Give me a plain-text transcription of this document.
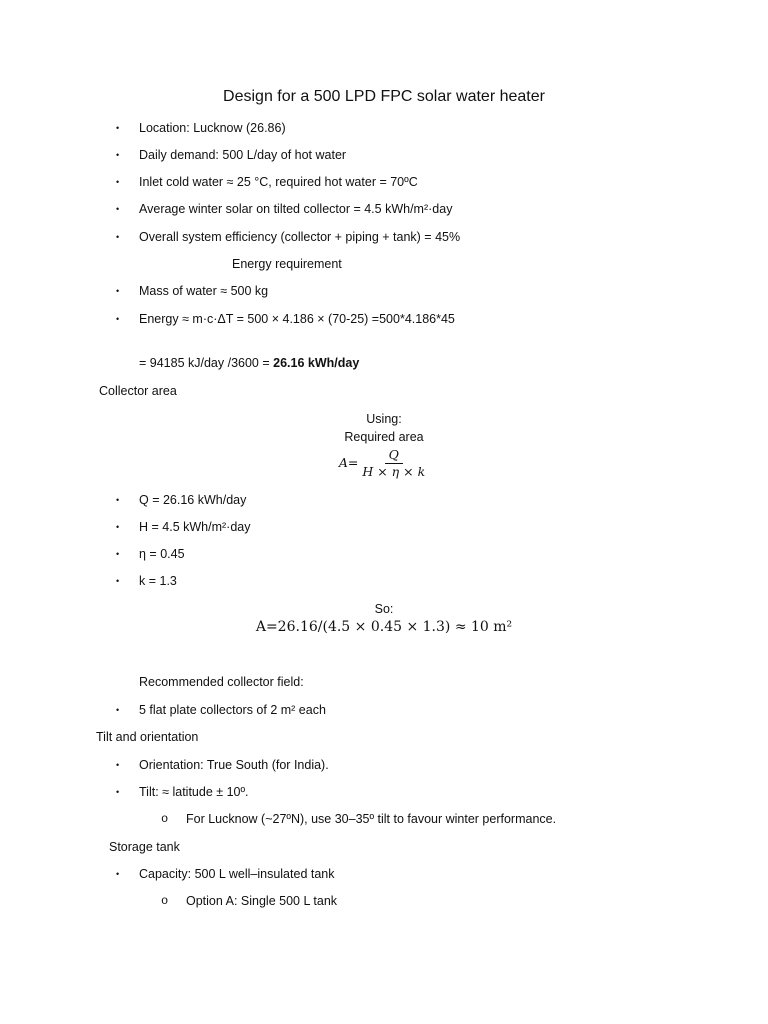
Design for a 500 LPD FPC solar water heater
• Location: Lucknow (26.86)
• Daily demand: 500 L/day of hot water
• Inlet cold water ≈ 25 °C, required hot water = 70ºC
• Average winter solar on tilted collector = 4.5 kWh/m²·day
• Overall system efficiency (collector + piping + tank) = 45%
Energy requirement
• Mass of water ≈ 500 kg
• Energy ≈ m·c·ΔT = 500 × 4.186 × (70-25) =500*4.186*45
= 94185 kJ/day /3600 = 26.16 kWh/day
Collector area
Using:
Required area
$A= \frac{Q}{H \times \eta \times k}$
• Q = 26.16 kWh/day
• H = 4.5 kWh/m²·day
• η = 0.45
• k = 1.3
So:
A=26.16/(4.5 × 0.45 × 1.3) ≈ 10 m²
Recommended collector field:
• 5 flat plate collectors of 2 m² each
Tilt and orientation
• Orientation: True South (for India).
• Tilt: ≈ latitude ± 10º.
o For Lucknow (~27ºN), use 30–35º tilt to favour winter performance.
Storage tank
• Capacity: 500 L well–insulated tank
o Option A: Single 500 L tank
